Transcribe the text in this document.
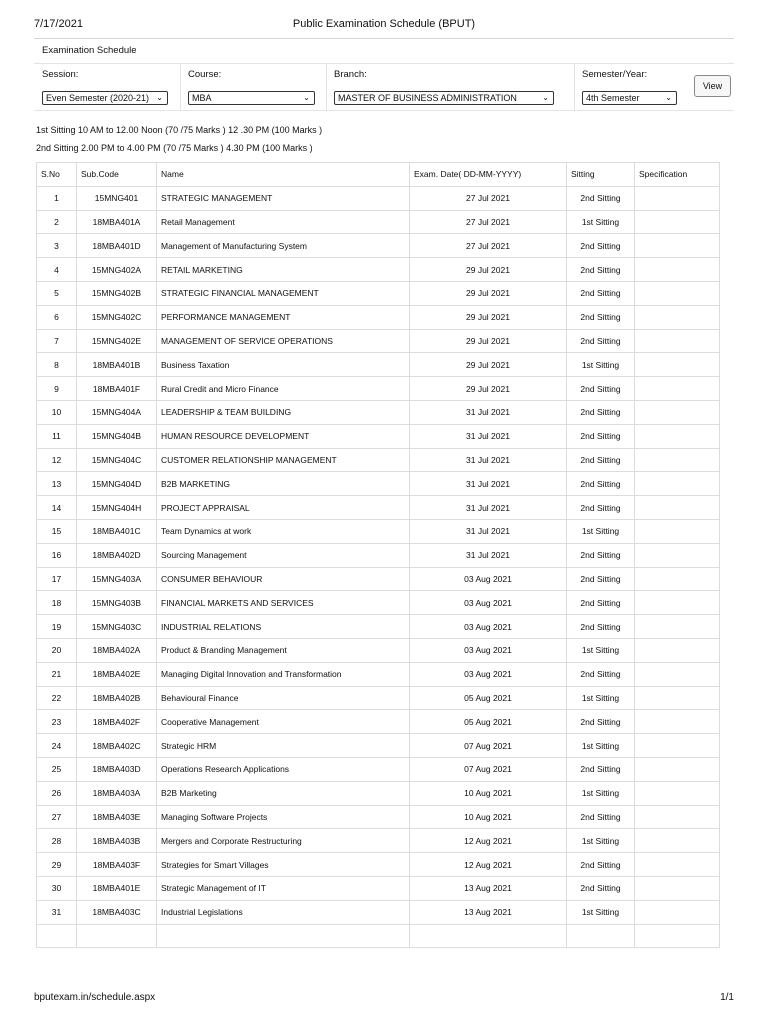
7/17/2021	Public Examination Schedule (BPUT)
Examination Schedule
Session:
Even Semester (2020-21) ⌄
Course:
MBA	⌄
Branch:
MASTER OF BUSINESS ADMINISTRATION	⌄
Semester/Year:
4th Semester	⌄
View
1st Sitting 10 AM to 12.00 Noon (70 /75 Marks ) 12 .30 PM (100 Marks )
2nd Sitting 2.00 PM to 4.00 PM (70 /75 Marks ) 4.30 PM (100 Marks )
S.No	Sub.Code	Name	Exam. Date( DD-MM-YYYY)	Sitting	Specification
1	15MNG401	STRATEGIC MANAGEMENT	27 Jul 2021	2nd Sitting	
2	18MBA401A	Retail Management	27 Jul 2021	1st Sitting	
3	18MBA401D	Management of Manufacturing System	27 Jul 2021	2nd Sitting	
4	15MNG402A	RETAIL MARKETING	29 Jul 2021	2nd Sitting	
5	15MNG402B	STRATEGIC FINANCIAL MANAGEMENT	29 Jul 2021	2nd Sitting	
6	15MNG402C	PERFORMANCE MANAGEMENT	29 Jul 2021	2nd Sitting	
7	15MNG402E	MANAGEMENT OF SERVICE OPERATIONS	29 Jul 2021	2nd Sitting	
8	18MBA401B	Business Taxation	29 Jul 2021	1st Sitting	
9	18MBA401F	Rural Credit and Micro Finance	29 Jul 2021	2nd Sitting	
10	15MNG404A	LEADERSHIP & TEAM BUILDING	31 Jul 2021	2nd Sitting	
11	15MNG404B	HUMAN RESOURCE DEVELOPMENT	31 Jul 2021	2nd Sitting	
12	15MNG404C	CUSTOMER RELATIONSHIP MANAGEMENT	31 Jul 2021	2nd Sitting	
13	15MNG404D	B2B MARKETING	31 Jul 2021	2nd Sitting	
14	15MNG404H	PROJECT APPRAISAL	31 Jul 2021	2nd Sitting	
15	18MBA401C	Team Dynamics at work	31 Jul 2021	1st Sitting	
16	18MBA402D	Sourcing Management	31 Jul 2021	2nd Sitting	
17	15MNG403A	CONSUMER BEHAVIOUR	03 Aug 2021	2nd Sitting	
18	15MNG403B	FINANCIAL MARKETS AND SERVICES	03 Aug 2021	2nd Sitting	
19	15MNG403C	INDUSTRIAL RELATIONS	03 Aug 2021	2nd Sitting	
20	18MBA402A	Product & Branding Management	03 Aug 2021	1st Sitting	
21	18MBA402E	Managing Digital Innovation and Transformation	03 Aug 2021	2nd Sitting	
22	18MBA402B	Behavioural Finance	05 Aug 2021	1st Sitting	
23	18MBA402F	Cooperative Management	05 Aug 2021	2nd Sitting	
24	18MBA402C	Strategic HRM	07 Aug 2021	1st Sitting	
25	18MBA403D	Operations Research Applications	07 Aug 2021	2nd Sitting	
26	18MBA403A	B2B Marketing	10 Aug 2021	1st Sitting	
27	18MBA403E	Managing Software Projects	10 Aug 2021	2nd Sitting	
28	18MBA403B	Mergers and Corporate Restructuring	12 Aug 2021	1st Sitting	
29	18MBA403F	Strategies for Smart Villages	12 Aug 2021	2nd Sitting	
30	18MBA401E	Strategic Management of IT	13 Aug 2021	2nd Sitting	
31	18MBA403C	Industrial Legislations	13 Aug 2021	1st Sitting	

bputexam.in/schedule.aspx	1/1
